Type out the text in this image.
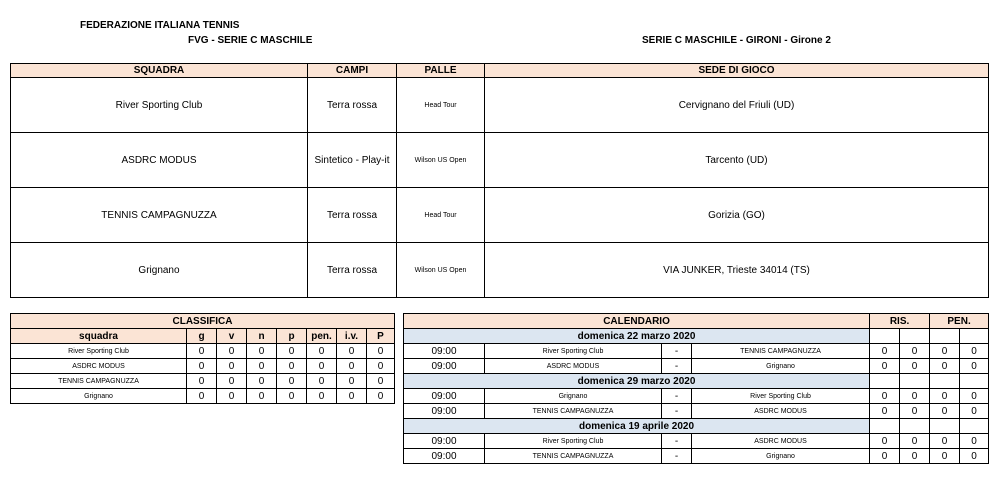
FEDERAZIONE ITALIANA TENNIS
FVG - SERIE C MASCHILE	SERIE C MASCHILE - GIRONI - Girone 2
SQUADRA	CAMPI	PALLE	SEDE DI GIOCO
River Sporting Club	Terra rossa	Head Tour	Cervignano del Friuli (UD)
ASDRC MODUS	Sintetico - Play-it	Wilson US Open	Tarcento (UD)
TENNIS CAMPAGNUZZA	Terra rossa	Head Tour	Gorizia (GO)
Grignano	Terra rossa	Wilson US Open	VIA JUNKER, Trieste 34014 (TS)
CLASSIFICA							
squadra	g	v	n	p	pen.	i.v.	P
River Sporting Club	0	0	0	0	0	0	0
ASDRC MODUS	0	0	0	0	0	0	0
TENNIS CAMPAGNUZZA	0	0	0	0	0	0	0
Grignano	0	0	0	0	0	0	0
CALENDARIO				RIS.		PEN.	
domenica 22 marzo 2020							
09:00	River Sporting Club	-	TENNIS CAMPAGNUZZA	0	0	0	0
09:00	ASDRC MODUS	-	Grignano	0	0	0	0
domenica 29 marzo 2020							
09:00	Grignano	-	River Sporting Club	0	0	0	0
09:00	TENNIS CAMPAGNUZZA	-	ASDRC MODUS	0	0	0	0
domenica 19 aprile 2020							
09:00	River Sporting Club	-	ASDRC MODUS	0	0	0	0
09:00	TENNIS CAMPAGNUZZA	-	Grignano	0	0	0	0
